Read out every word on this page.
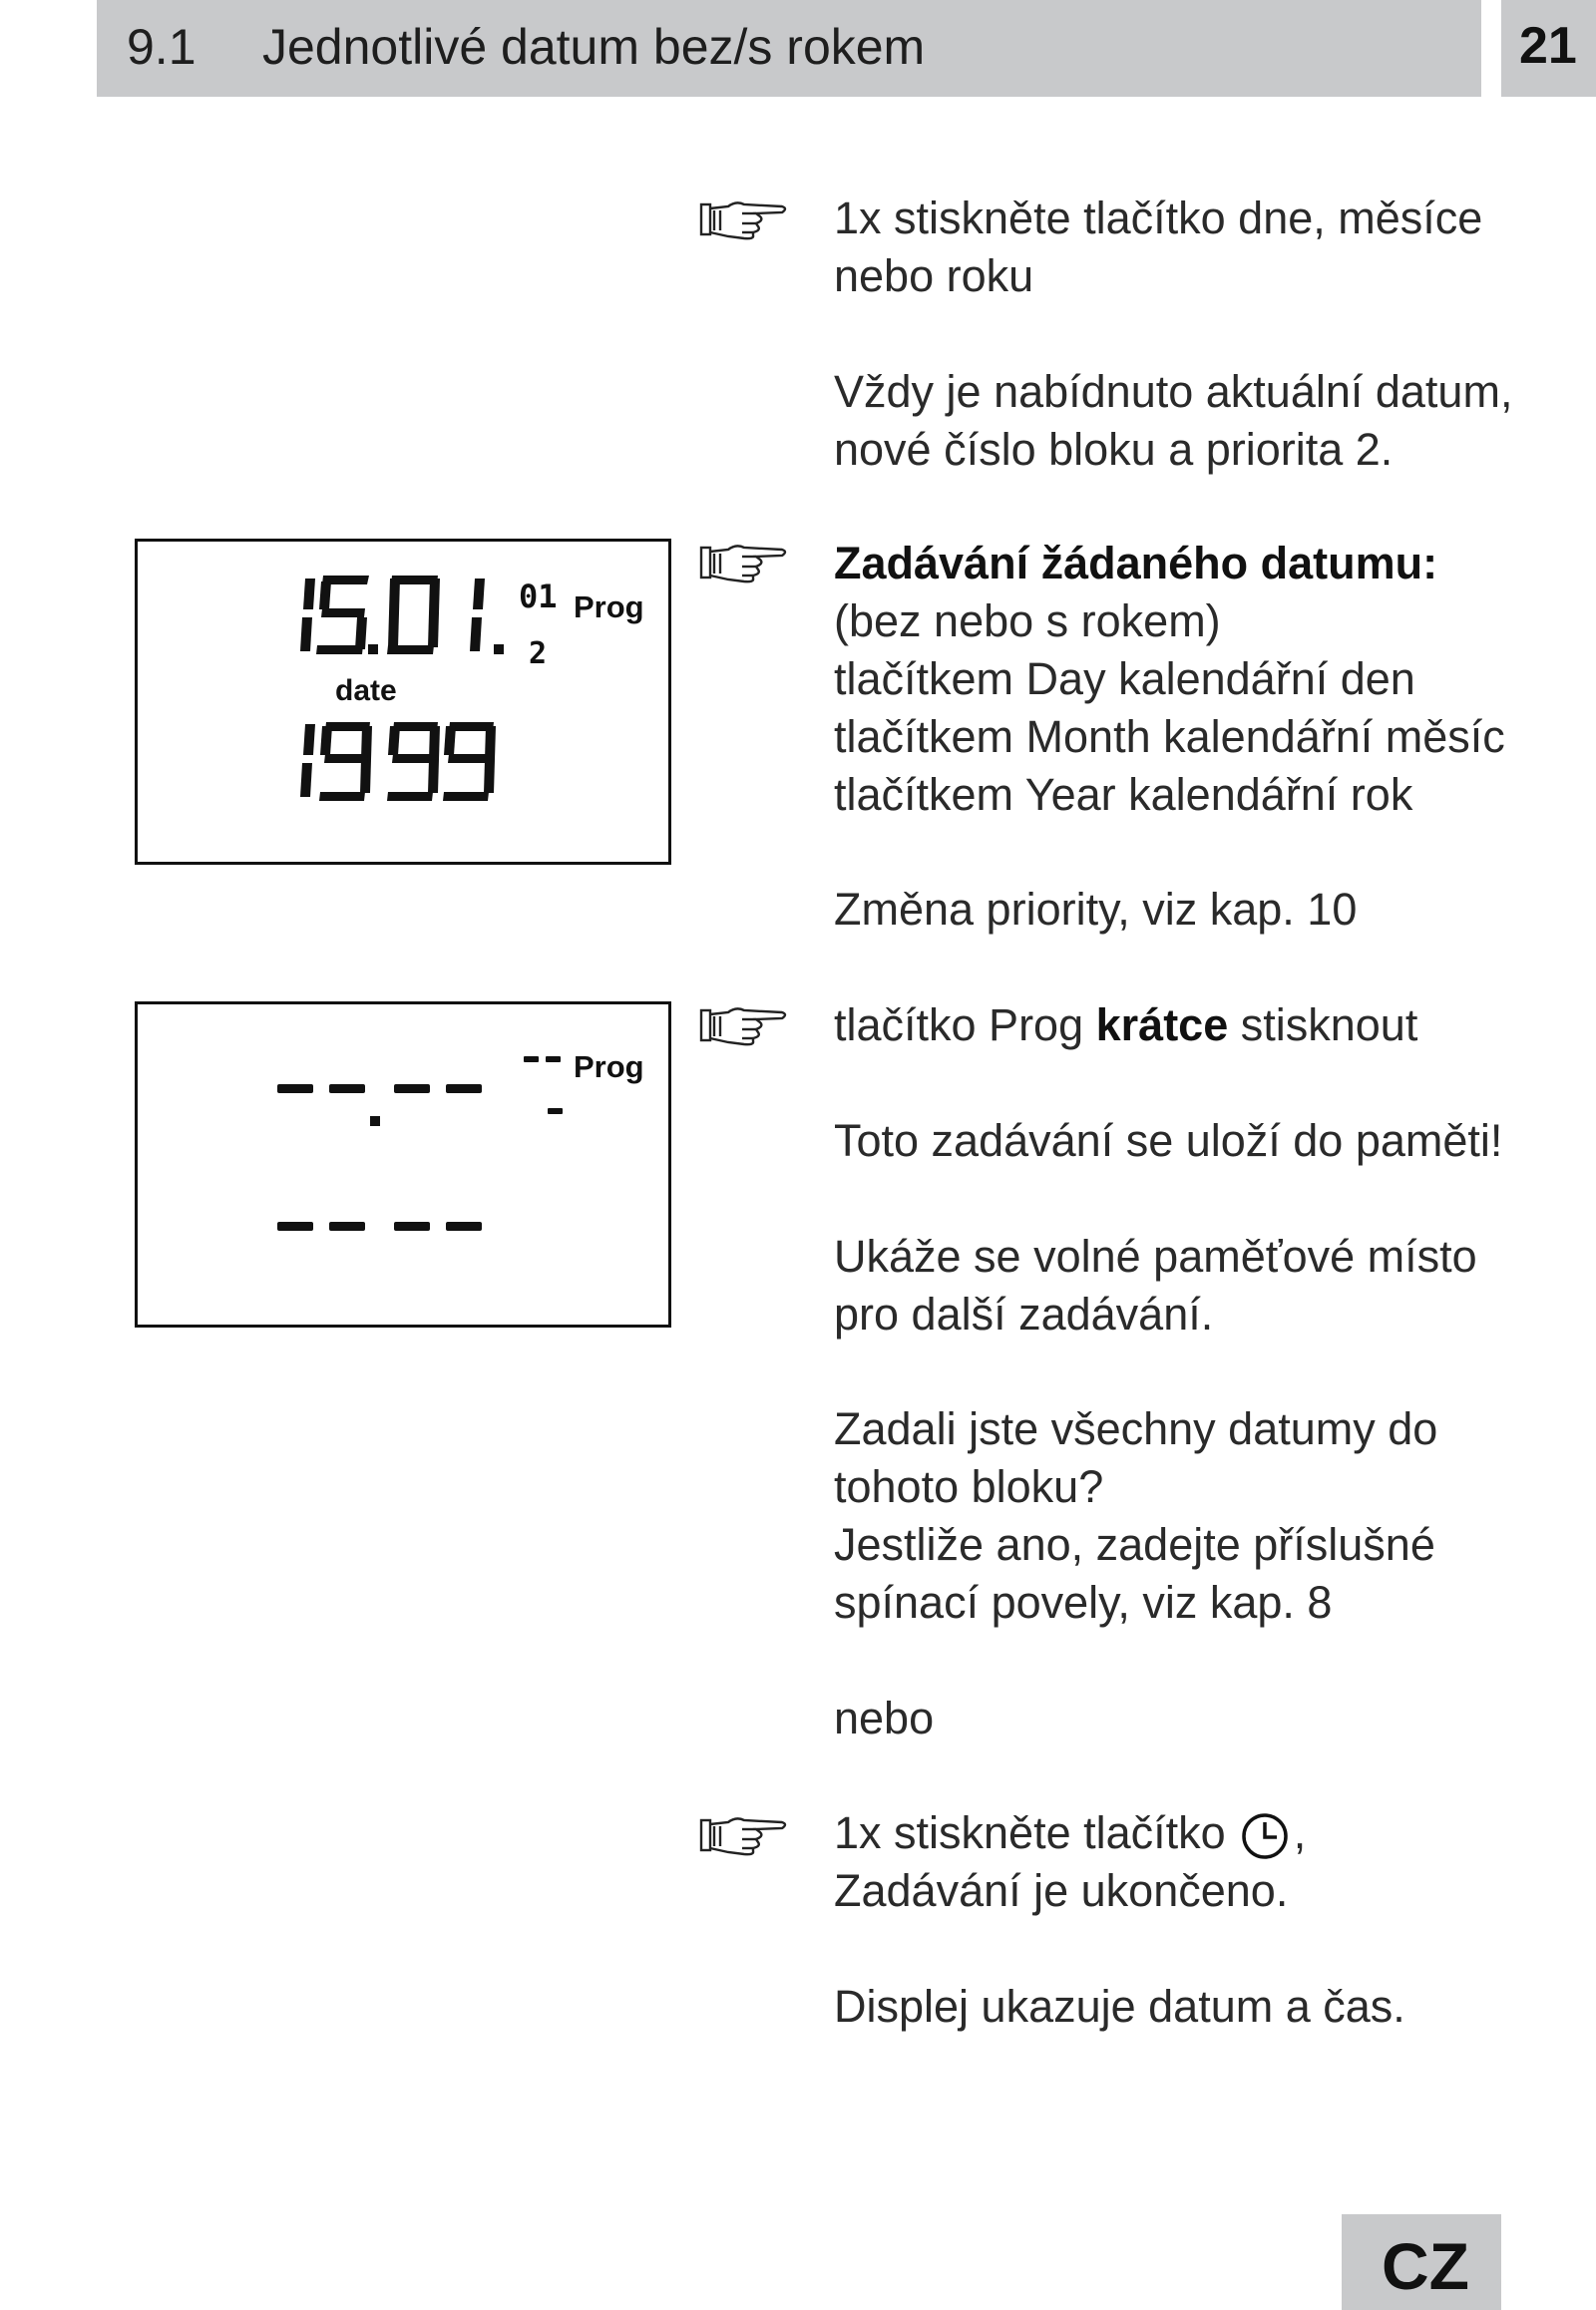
9.1 Jednotlivé datum bez/s rokem	21
1x stiskněte tlačítko dne, měsíce
nebo roku
Vždy je nabídnuto aktuální datum,
nové číslo bloku a priorita 2.
Zadávání žádaného datumu:
(bez nebo s rokem)
tlačítkem Day kalendářní den
tlačítkem Month kalendářní měsíc
tlačítkem Year kalendářní rok
Změna priority, viz kap. 10
tlačítko Prog krátce stisknout
Toto zadávání se uloží do paměti!
Ukáže se volné paměťové místo
pro další zadávání.
Zadali jste všechny datumy do
tohoto bloku?
Jestliže ano, zadejte příslušné
spínací povely, viz kap. 8
nebo
1x stiskněte tlačítko ,
Zadávání je ukončeno.
Displej ukazuje datum a čas.
01
2
Prog
date
Prog
CZ
